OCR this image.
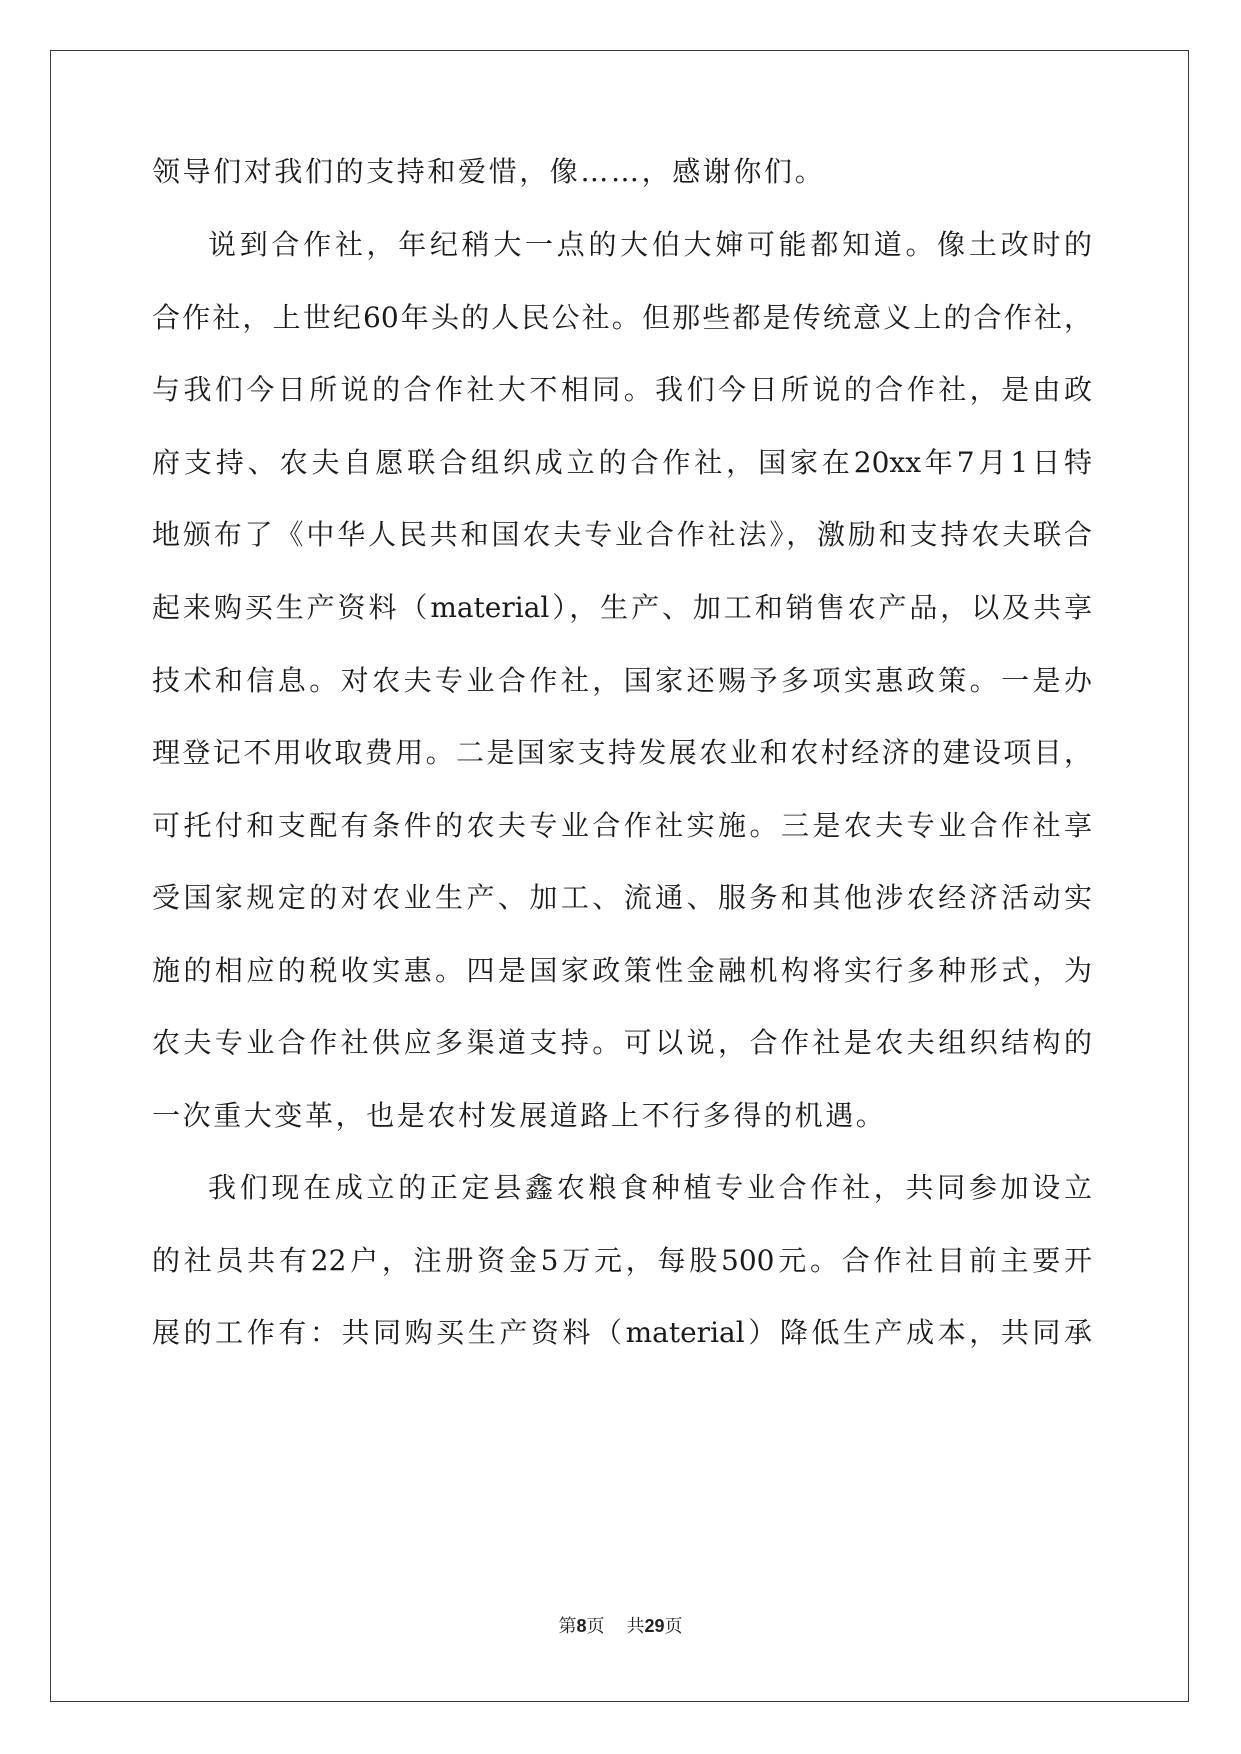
领导们对我们的支持和爱惜，像……，感谢你们。
说到合作社，年纪稍大一点的大伯大婶可能都知道。像土改时的
合作社，上世纪60年头的人民公社。但那些都是传统意义上的合作社，
与我们今日所说的合作社大不相同。我们今日所说的合作社，是由政
府支持、农夫自愿联合组织成立的合作社，国家在20xx年7月1日特
地颁布了《中华人民共和国农夫专业合作社法》，激励和支持农夫联合
起来购买生产资料（material），生产、加工和销售农产品，以及共享
技术和信息。对农夫专业合作社，国家还赐予多项实惠政策。一是办
理登记不用收取费用。二是国家支持发展农业和农村经济的建设项目，
可托付和支配有条件的农夫专业合作社实施。三是农夫专业合作社享
受国家规定的对农业生产、加工、流通、服务和其他涉农经济活动实
施的相应的税收实惠。四是国家政策性金融机构将实行多种形式，为
农夫专业合作社供应多渠道支持。可以说，合作社是农夫组织结构的
一次重大变革，也是农村发展道路上不行多得的机遇。
我们现在成立的正定县鑫农粮食种植专业合作社，共同参加设立
的社员共有22户，注册资金5万元，每股500元。合作社目前主要开
展的工作有：共同购买生产资料（material）降低生产成本，共同承
第8页 共29页
